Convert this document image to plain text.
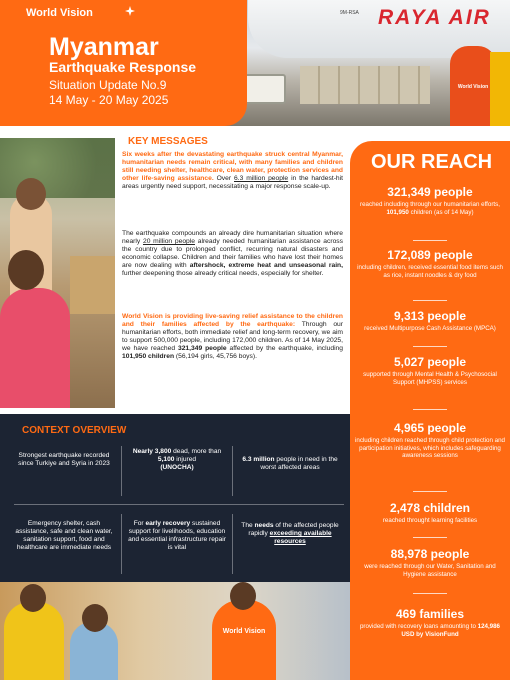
9M-RSA RAYA AIR
World Vision
World Vision
Myanmar
Earthquake Response
Situation Update No.9
14 May - 20 May 2025
KEY MESSAGES

Six weeks after the devastating earthquake struck central Myanmar, humanitarian needs remain critical, with many families and children still needing shelter, healthcare, clean water, protection services and other life-saving assistance. Over 6.3 million people in the hardest-hit areas urgently need support, necessitating a major response scale-up.

The earthquake compounds an already dire humanitarian situation where nearly 20 million people already needed humanitarian assistance across the country due to prolonged conflict, recurring natural disasters and economic collapse. Children and their families who have lost their homes are now dealing with aftershock, extreme heat and unseasonal rain, further deepening those already critical needs, especially for shelter.

World Vision is providing live-saving relief assistance to the children and their families affected by the earthquake: Through our humanitarian efforts, both immediate relief and long-term recovery, we aim to support 500,000 people, including 172,000 children. As of 14 May 2025, we have reached 321,349 people affected by the earthquake, including 101,950 children (56,194 girls, 45,756 boys).

OUR REACH
321,349 people
reached including through our humanitarian efforts, 101,950 children (as of 14 May)
172,089 people
including children, received essential food items such as rice, instant noodles & dry food
9,313 people
received Multipurpose Cash Assistance (MPCA)
5,027 people
supported through Mental Health & Psychosocial Support (MHPSS) services
4,965 people
including children reached through child protection and participation initiatives, which includes safeguarding awareness sessions
2,478 children
reached throught learning facilities
88,978 people
were reached through our Water, Sanitation and Hygiene assistance
469 families
provided with recovery loans amounting to 124,986 USD by VisionFund
CONTEXT OVERVIEW
Strongest earthquake recorded since Turkiye and Syria in 2023
Nearly 3,800 dead, more than 5,100 injured
(UNOCHA)
6.3 million people in need in the worst affected areas
Emergency shelter, cash assistance, safe and clean water, sanitation support, food and healthcare are immediate needs
For early recovery sustained support for livelihoods, education and essential infrastructure repair is vital
The needs of the affected people rapidly exceeding available resources
World Vision
